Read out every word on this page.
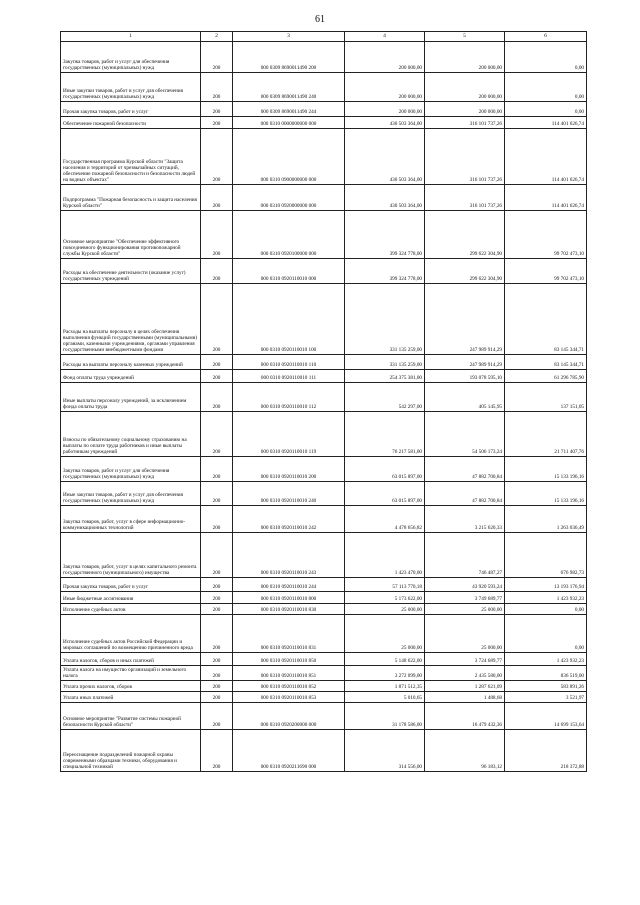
61
1	2	3	4	5	6
Закупка товаров, работ и услуг для обеспечения государственных (муниципальных) нужд	200	000 0309 8690011490 200	200 000,00	200 000,00	0,00
Иные закупки товаров, работ и услуг для обеспечения государственных (муниципальных) нужд	200	000 0309 8690011490 240	200 000,00	200 000,00	0,00
Прочая закупка товаров, работ и услуг	200	000 0309 8690011490 244	200 000,00	200 000,00	0,00
Обеспечение пожарной безопасности	200	000 0310 0000000000 000	430 503 364,00	316 101 737,26	114 401 626,74
Государственная программа Курской области "Защита населения и территорий от чрезвычайных ситуаций, обеспечение пожарной безопасности и безопасности людей на водных объектах"	200	000 0310 0900000000 000	430 503 364,00	316 101 737,26	114 401 626,74
Подпрограмма "Пожарная безопасность и защита населения Курской области"	200	000 0310 0920000000 000	430 503 364,00	316 101 737,26	114 401 626,74
Основное мероприятие "Обеспечение эффективного повседневного функционирования противопожарной службы Курской области"	200	000 0310 0920100000 000	399 324 778,00	299 622 304,90	99 702 473,10
Расходы на обеспечение деятельности (оказание услуг) государственных учреждений	200	000 0310 0920110010 000	399 324 778,00	299 622 304,90	99 702 473,10
Расходы на выплаты персоналу в целях обеспечения выполнения функций государственными (муниципальными) органами, казенными учреждениями, органами управления государственными внебюджетными фондами	200	000 0310 0920110010 100	331 135 259,00	247 989 914,29	83 145 344,71
Расходы на выплаты персоналу казенных учреждений	200	000 0310 0920110010 110	331 135 259,00	247 989 914,29	83 145 344,71
Фонд оплаты труда учреждений	200	000 0310 0920110010 111	254 375 381,00	193 078 595,10	61 296 785,90
Иные выплаты персоналу учреждений, за исключением фонда оплаты труда	200	000 0310 0920110010 112	542 297,00	405 145,95	137 151,05
Взносы по обязательному социальному страхованию на выплаты по оплате труда работников и иные выплаты работникам учреждений	200	000 0310 0920110010 119	76 217 581,00	54 506 173,24	21 711 407,76
Закупка товаров, работ и услуг для обеспечения государственных (муниципальных) нужд	200	000 0310 0920110010 200	63 015 897,00	47 882 700,84	15 133 196,16
Иные закупки товаров, работ и услуг для обеспечения государственных (муниципальных) нужд	200	000 0310 0920110010 240	63 015 897,00	47 882 700,84	15 133 196,16
Закупка товаров, работ, услуг в сфере информационно-коммуникационных технологий	200	000 0310 0920110010 242	4 478 656,82	3 215 620,33	1 263 036,49
Закупка товаров, работ, услуг в целях капитального ремонта государственного (муниципального) имущества	200	000 0310 0920110010 243	1 423 470,00	746 487,27	676 982,73
Прочая закупка товаров, работ и услуг	200	000 0310 0920110010 244	57 113 770,18	43 920 593,24	13 193 176,94
Иные бюджетные ассигнования	200	000 0310 0920110010 800	5 173 622,00	3 749 689,77	1 423 932,23
Исполнение судебных актов	200	000 0310 0920110010 830	25 000,00	25 000,00	0,00
Исполнение судебных актов Российской Федерации и мировых соглашений по возмещению причиненного вреда	200	000 0310 0920110010 831	25 000,00	25 000,00	0,00
Уплата налогов, сборов и иных платежей	200	000 0310 0920110010 850	5 148 622,00	3 724 689,77	1 423 932,23
Уплата налога на имущество организаций и земельного налога	200	000 0310 0920110010 851	3 272 099,00	2 435 580,00	836 519,00
Уплата прочих налогов, сборов	200	000 0310 0920110010 852	1 871 512,35	1 287 621,09	583 891,26
Уплата иных платежей	200	000 0310 0920110010 853	5 010,65	1 488,68	3 521,97
Основное мероприятие "Развитие системы пожарной безопасности Курской области"	200	000 0310 0920200000 000	31 178 586,00	16 479 432,36	14 699 153,64
Переоснащение подразделений пожарной охраны современными образцами техники, оборудования и специальной техникой	200	000 0310 0920211690 000	314 556,00	96 183,12	218 372,88
